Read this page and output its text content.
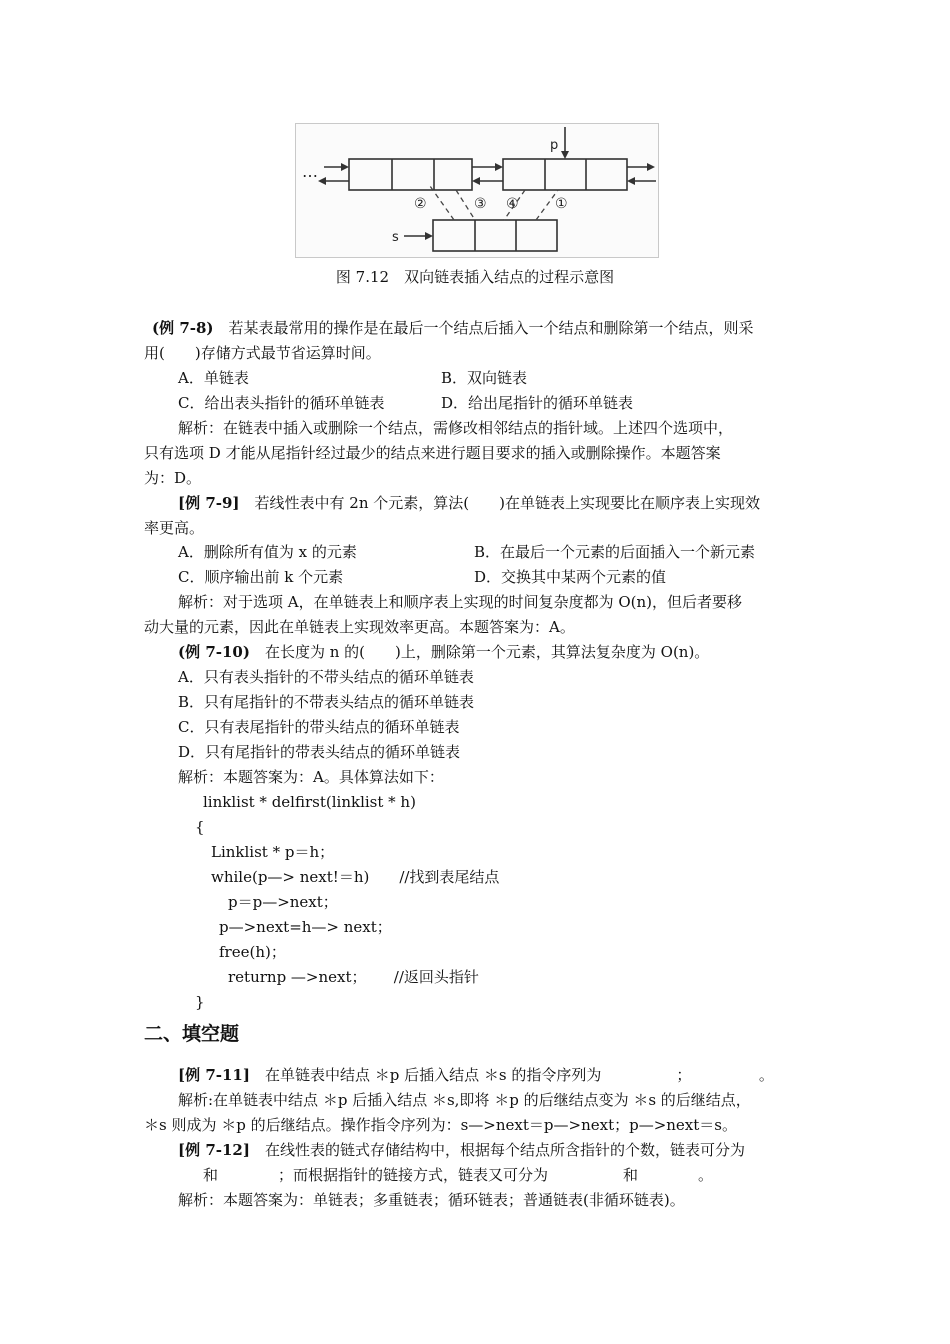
p
s
…
②	③ ④	①
图 7.12　双向链表插入结点的过程示意图
(例 7-8)　若某表最常用的操作是在最后一个结点后插入一个结点和删除第一个结点，则采
用(　　)存储方式最节省运算时间。
A．单链表	B．双向链表
C．给出表头指针的循环单链表	D．给出尾指针的循环单链表
解析：在链表中插入或删除一个结点，需修改相邻结点的指针域。上述四个选项中，
只有选项 D 才能从尾指针经过最少的结点来进行题目要求的插入或删除操作。本题答案
为：D。
[例 7-9]　若线性表中有 2n 个元素，算法(　　)在单链表上实现要比在顺序表上实现效
率更高。
A．删除所有值为 x 的元素	B．在最后一个元素的后面插入一个新元素
C．顺序输出前 k 个元素	D．交换其中某两个元素的值
解析：对于选项 A，在单链表上和顺序表上实现的时间复杂度都为 O(n)，但后者要移
动大量的元素，因此在单链表上实现效率更高。本题答案为：A。
(例 7-10)　在长度为 n 的(　　)上，删除第一个元素，其算法复杂度为 O(n)。
A．只有表头指针的不带头结点的循环单链表
B．只有尾指针的不带表头结点的循环单链表
C．只有表尾指针的带头结点的循环单链表
D．只有尾指针的带表头结点的循环单链表
解析：本题答案为：A。具体算法如下：
linklist * delfirst(linklist * h)
{
Linklist * p＝h；
while(p—> next!＝h)　　//找到表尾结点
p＝p—>next；
p—>next=h—> next；
free(h)；
returnp —>next；　　 //返回头指针
}
二、填空题
[例 7-11]　在单链表中结点 ＊p 后插入结点 ＊s 的指令序列为　　　　　；　　　　　。
解析:在单链表中结点 ＊p 后插入结点 ＊s,即将 ＊p 的后继结点变为 ＊s 的后继结点，
＊s 则成为 ＊p 的后继结点。操作指令序列为：s—>next＝p—>next；p—>next＝s。
[例 7-12]　在线性表的链式存储结构中，根据每个结点所含指针的个数，链表可分为
和　　　　；而根据指针的链接方式，链表又可分为　　　　　和　　　　。
解析：本题答案为：单链表；多重链表；循环链表；普通链表(非循环链表)。
